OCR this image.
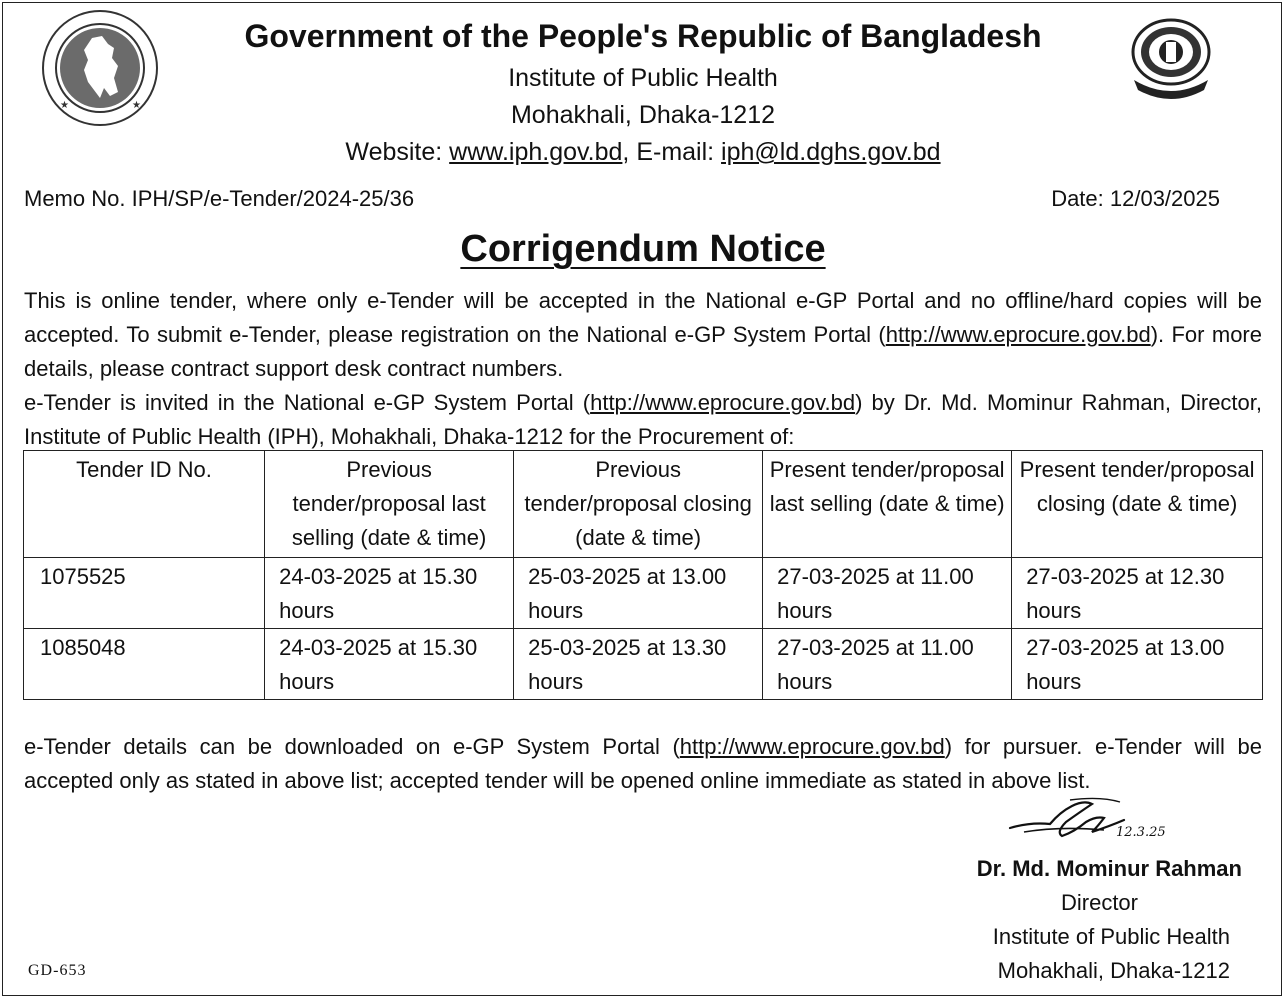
★	★
Government of the People's Republic of Bangladesh
Institute of Public Health
Mohakhali, Dhaka-1212
Website: www.iph.gov.bd, E-mail: iph@ld.dghs.gov.bd
Memo No. IPH/SP/e-Tender/2024-25/36	Date: 12/03/2025
Corrigendum Notice

This is online tender, where only e-Tender will be accepted in the National e-GP Portal and no offline/hard copies will be accepted. To submit e-Tender, please registration on the National e-GP System Portal (http://www.eprocure.gov.bd). For more details, please contract support desk contract numbers.

e-Tender is invited in the National e-GP System Portal (http://www.eprocure.gov.bd) by Dr. Md. Mominur Rahman, Director, Institute of Public Health (IPH), Mohakhali, Dhaka-1212 for the Procurement of:

Tender ID No.	Previous tender/proposal last selling (date & time)	Previous tender/proposal closing (date & time)	Present tender/proposal last selling (date & time)	Present tender/proposal closing (date & time)
1075525	24-03-2025 at 15.30 hours	25-03-2025 at 13.00 hours	27-03-2025 at 11.00 hours	27-03-2025 at 12.30 hours
1085048	24-03-2025 at 15.30 hours	25-03-2025 at 13.30 hours	27-03-2025 at 11.00 hours	27-03-2025 at 13.00 hours

e-Tender details can be downloaded on e-GP System Portal (http://www.eprocure.gov.bd) for pursuer. e-Tender will be accepted only as stated in above list; accepted tender will be opened online immediate as stated in above list.

12.3.25
Dr. Md. Mominur Rahman
Director
Institute of Public Health
Mohakhali, Dhaka-1212
GD-653
